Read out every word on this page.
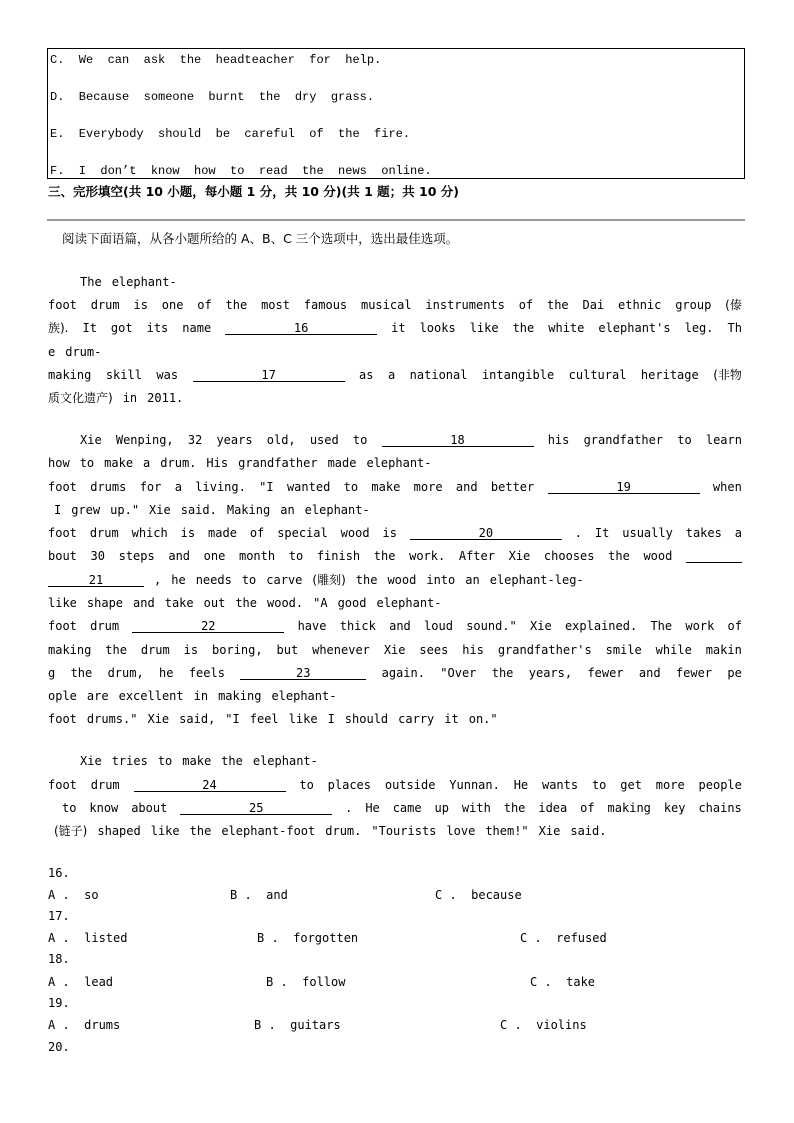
C.  We  can  ask  the  headteacher  for  help.
D.  Because  someone  burnt  the  dry  grass.
E.  Everybody  should  be  careful  of  the  fire.
F.  I  don’t  know  how  to  read  the  news  online.
三、完形填空(共 10 小题，每小题 1 分，共 10 分)(共 1 题；共 10 分)
阅读下面语篇，从各小题所给的 A、B、C 三个选项中，选出最佳选项。
The elephant-
foot drum is one of the most famous musical instruments of the Dai ethnic group (傣
族). It got its name	16	it looks like the white elephant's leg. Th
e drum-
making skill was	17	as a national intangible cultural heritage (非物
质文化遗产) in 2011.
Xie Wenping, 32 years old, used to	18	his grandfather to learn
how to make a drum. His grandfather made elephant-
foot drums for a living. "I wanted to make more and better	19	when
I grew up." Xie said. Making an elephant-
foot drum which is made of special wood is	20	. It usually takes a
bout 30 steps and one month to finish the work. After Xie chooses the wood
21	, he needs to carve (雕刻) the wood into an elephant-leg-
like shape and take out the wood. "A good elephant-
foot drum	22	have thick and loud sound." Xie explained. The work of
making the drum is boring, but whenever Xie sees his grandfather's smile while makin
g the drum, he feels	23	again. "Over the years, fewer and fewer pe
ople are excellent in making elephant-
foot drums." Xie said, "I feel like I should carry it on."
Xie tries to make the elephant-
foot drum	24	to places outside Yunnan. He wants to get more people
to know about	25	. He came up with the idea of making key chains
(链子) shaped like the elephant-foot drum. "Tourists love them!" Xie said.
16.
A .  so	B .  and	C .  because
17.
A .  listed	B .  forgotten	C .  refused
18.
A .  lead	B .  follow	C .  take
19.
A .  drums	B .  guitars	C .  violins
20.
